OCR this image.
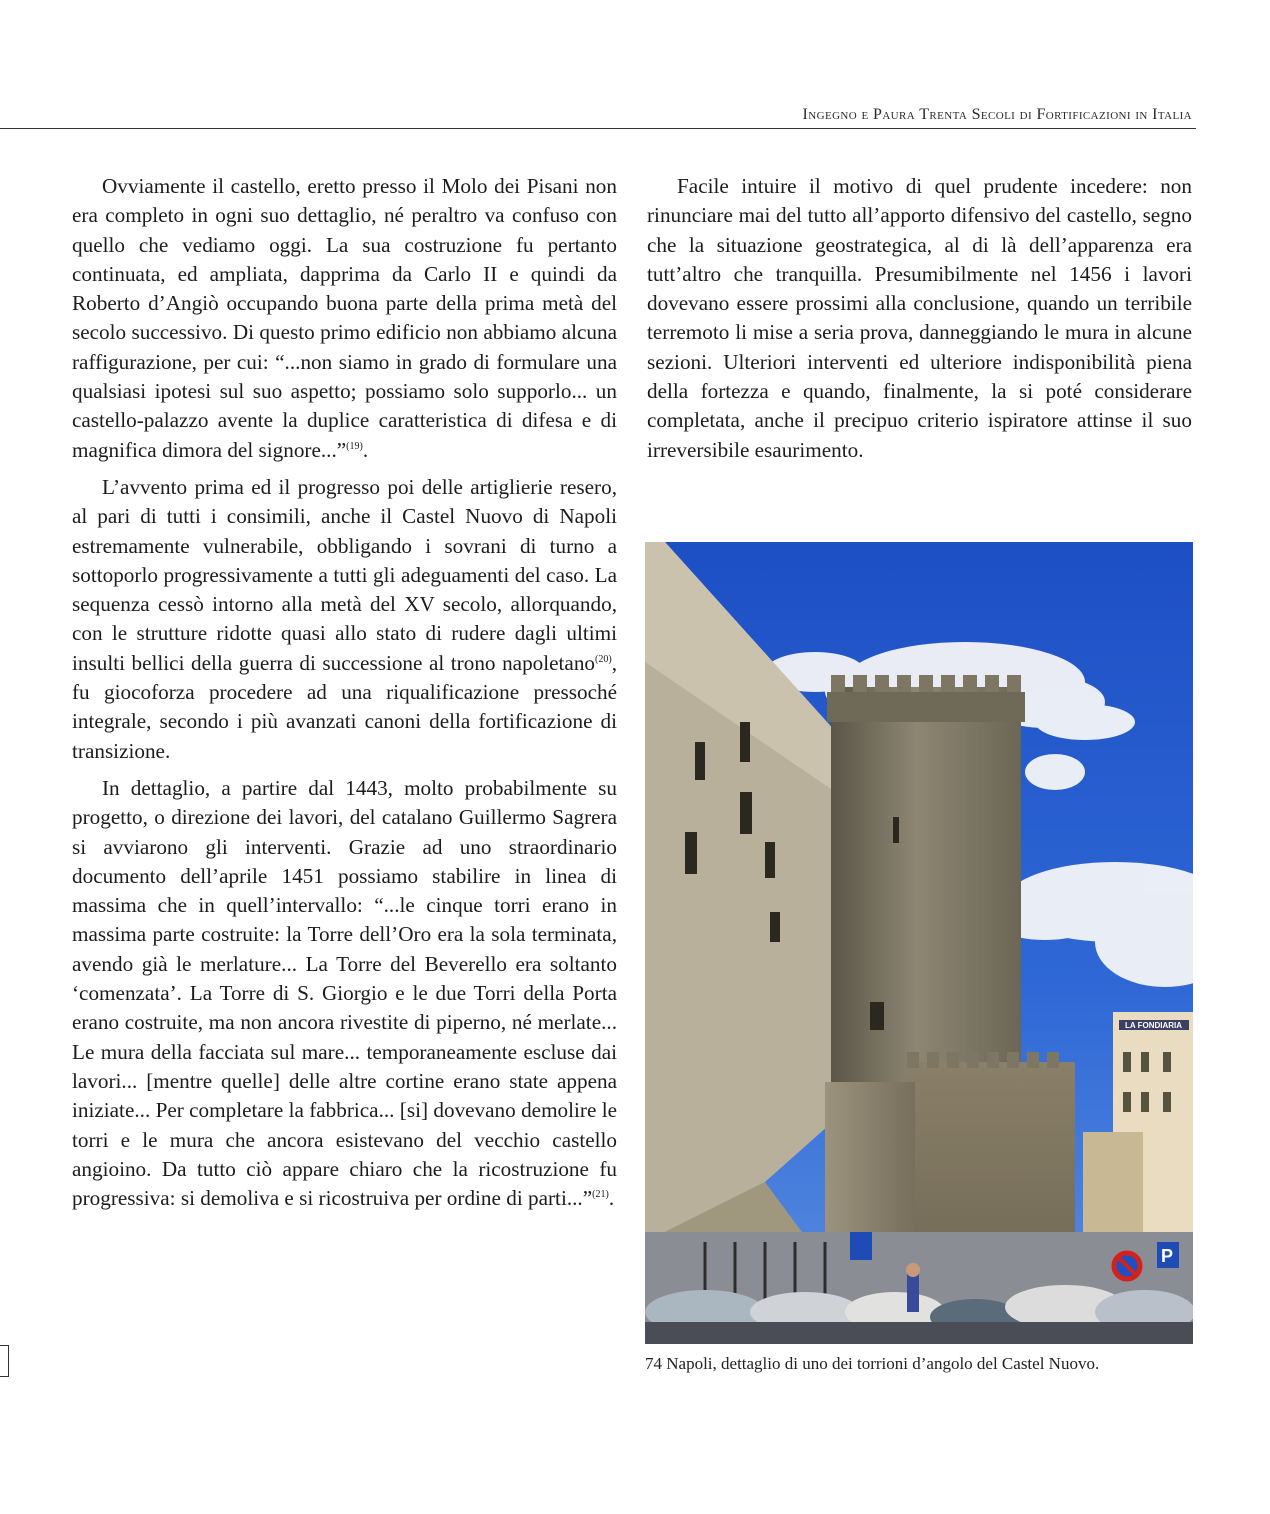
Ingegno e Paura Trenta Secoli di Fortificazioni in Italia

Ovviamente il castello, eretto presso il Molo dei Pisani non era completo in ogni suo dettaglio, né peraltro va confuso con quello che vediamo oggi. La sua costruzione fu pertanto continuata, ed ampliata, dapprima da Carlo II e quindi da Roberto d’Angiò occupando buona parte della prima metà del secolo successivo. Di questo primo edificio non abbiamo alcuna raffigurazione, per cui: “...non siamo in grado di formulare una qualsiasi ipotesi sul suo aspetto; possiamo solo supporlo... un castello-palazzo avente la duplice caratteristica di difesa e di magnifica dimora del signore...”$^{(19)}$.

L’avvento prima ed il progresso poi delle artiglierie resero, al pari di tutti i consimili, anche il Castel Nuovo di Napoli estremamente vulnerabile, obbligando i sovrani di turno a sottoporlo progressivamente a tutti gli adeguamenti del caso. La sequenza cessò intorno alla metà del XV secolo, allorquando, con le strutture ridotte quasi allo stato di rudere dagli ultimi insulti bellici della guerra di successione al trono napoletano$^{(20)}$, fu giocoforza procedere ad una riqualificazione pressoché integrale, secondo i più avanzati canoni della fortificazione di transizione.

In dettaglio, a partire dal 1443, molto probabilmente su progetto, o direzione dei lavori, del catalano Guillermo Sagrera si avviarono gli interventi. Grazie ad uno straordinario documento dell’aprile 1451 possiamo stabilire in linea di massima che in quell’intervallo: “...le cinque torri erano in massima parte costruite: la Torre dell’Oro era la sola terminata, avendo già le merlature... La Torre del Beverello era soltanto ‘comenzata’. La Torre di S. Giorgio e le due Torri della Porta erano costruite, ma non ancora rivestite di piperno, né merlate... Le mura della facciata sul mare... temporaneamente escluse dai lavori... [mentre quelle] delle altre cortine erano state appena iniziate... Per completare la fabbrica... [si] dovevano demolire le torri e le mura che ancora esistevano del vecchio castello angioino. Da tutto ciò appare chiaro che la ricostruzione fu progressiva: si demoliva e si ricostruiva per ordine di parti...”$^{(21)}$.

Facile intuire il motivo di quel prudente incedere: non rinunciare mai del tutto all’apporto difensivo del castello, segno che la situazione geostrategica, al di là dell’apparenza era tutt’altro che tranquilla. Presumibilmente nel 1456 i lavori dovevano essere prossimi alla conclusione, quando un terribile terremoto li mise a seria prova, danneggiando le mura in alcune sezioni. Ulteriori interventi ed ulteriore indisponibilità piena della fortezza e quando, finalmente, la si poté considerare completata, anche il precipuo criterio ispiratore attinse il suo irreversibile esaurimento.

LA FONDIARIA
P
74 Napoli, dettaglio di uno dei torrioni d’angolo del Castel Nuovo.
